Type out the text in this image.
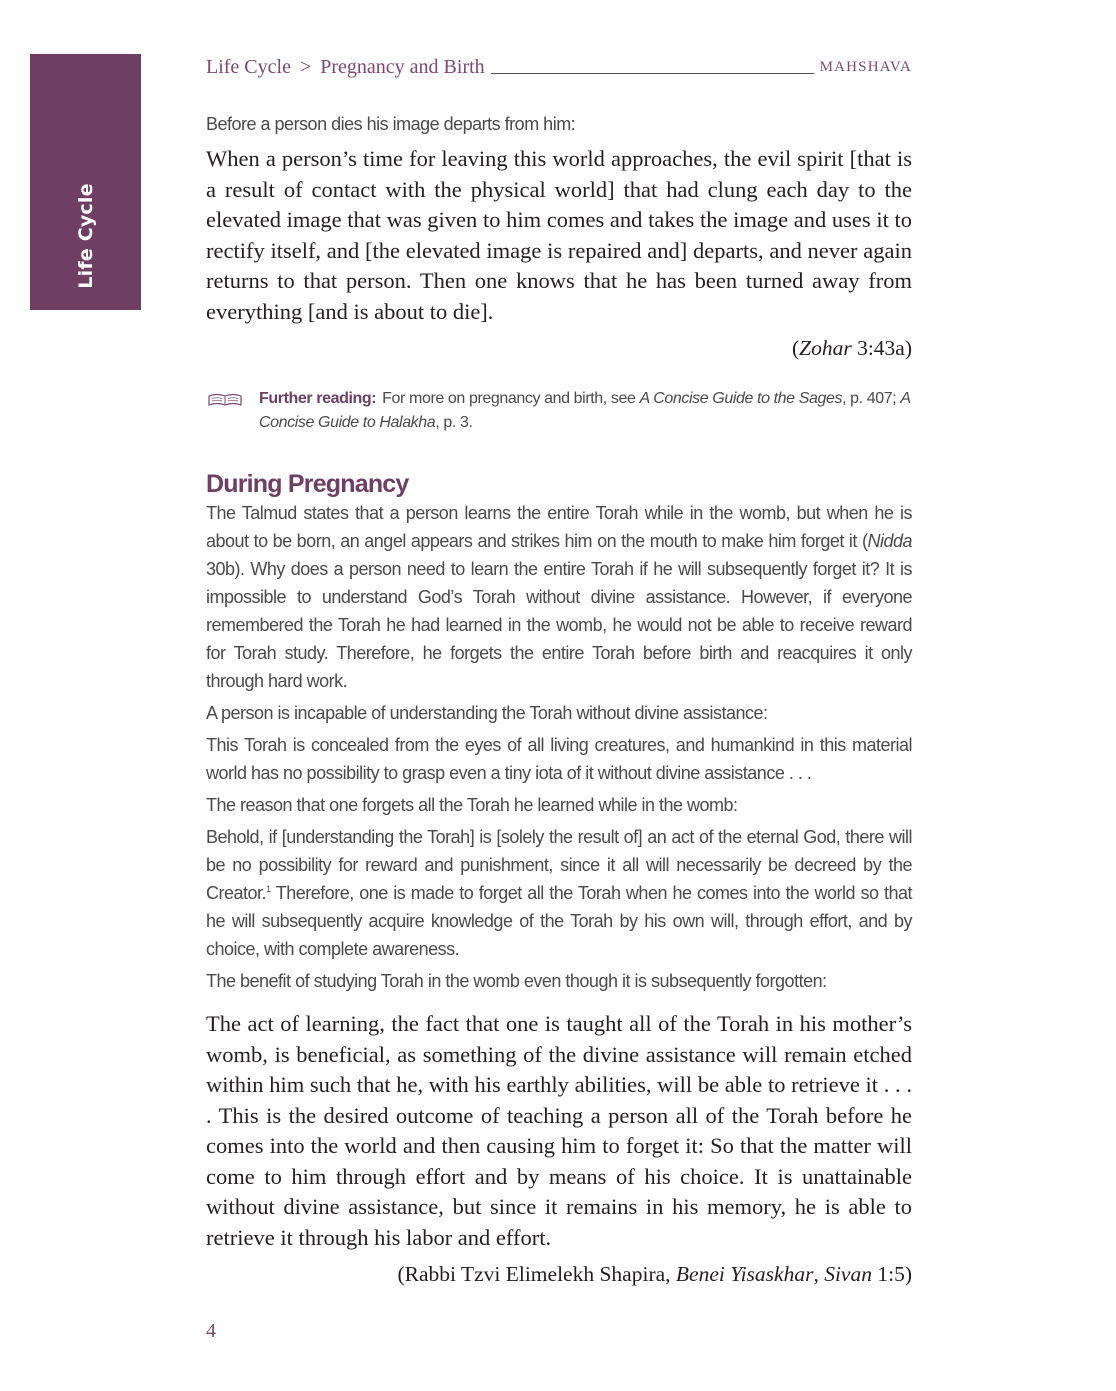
Life Cycle
Life Cycle > Pregnancy and Birth	MAHSHAVA

Before a person dies his image departs from him:

When a person’s time for leaving this world approaches, the evil spirit [that is a result of contact with the physical world] that had clung each day to the elevated image that was given to him comes and takes the image and uses it to rectify itself, and [the elevated image is repaired and] departs, and never again returns to that person. Then one knows that he has been turned away from everything [and is about to die].

(Zohar 3:43a)

Further reading: For more on pregnancy and birth, see A Concise Guide to the Sages, p. 407; A Concise Guide to Halakha, p. 3.
During Pregnancy

The Talmud states that a person learns the entire Torah while in the womb, but when he is about to be born, an angel appears and strikes him on the mouth to make him forget it (Nidda 30b). Why does a person need to learn the entire Torah if he will subsequently forget it? It is impossible to understand God’s Torah without divine assistance. However, if everyone remembered the Torah he had learned in the womb, he would not be able to receive reward for Torah study. Therefore, he forgets the entire Torah before birth and reacquires it only through hard work.

A person is incapable of understanding the Torah without divine assistance:

This Torah is concealed from the eyes of all living creatures, and humankind in this material world has no possibility to grasp even a tiny iota of it without divine assistance . . .

The reason that one forgets all the Torah he learned while in the womb:

Behold, if [understanding the Torah] is [solely the result of] an act of the eternal God, there will be no possibility for reward and punishment, since it all will necessarily be decreed by the Creator.$^1$ Therefore, one is made to forget all the Torah when he comes into the world so that he will subsequently acquire knowledge of the Torah by his own will, through effort, and by choice, with complete awareness.

The benefit of studying Torah in the womb even though it is subsequently forgotten:

The act of learning, the fact that one is taught all of the Torah in his mother’s womb, is beneficial, as something of the divine assistance will remain etched within him such that he, with his earthly abilities, will be able to retrieve it . . . . This is the desired outcome of teaching a person all of the Torah before he comes into the world and then causing him to forget it: So that the matter will come to him through effort and by means of his choice. It is unattainable without divine assistance, but since it remains in his memory, he is able to retrieve it through his labor and effort.

(Rabbi Tzvi Elimelekh Shapira, Benei Yisaskhar, Sivan 1:5)

4
